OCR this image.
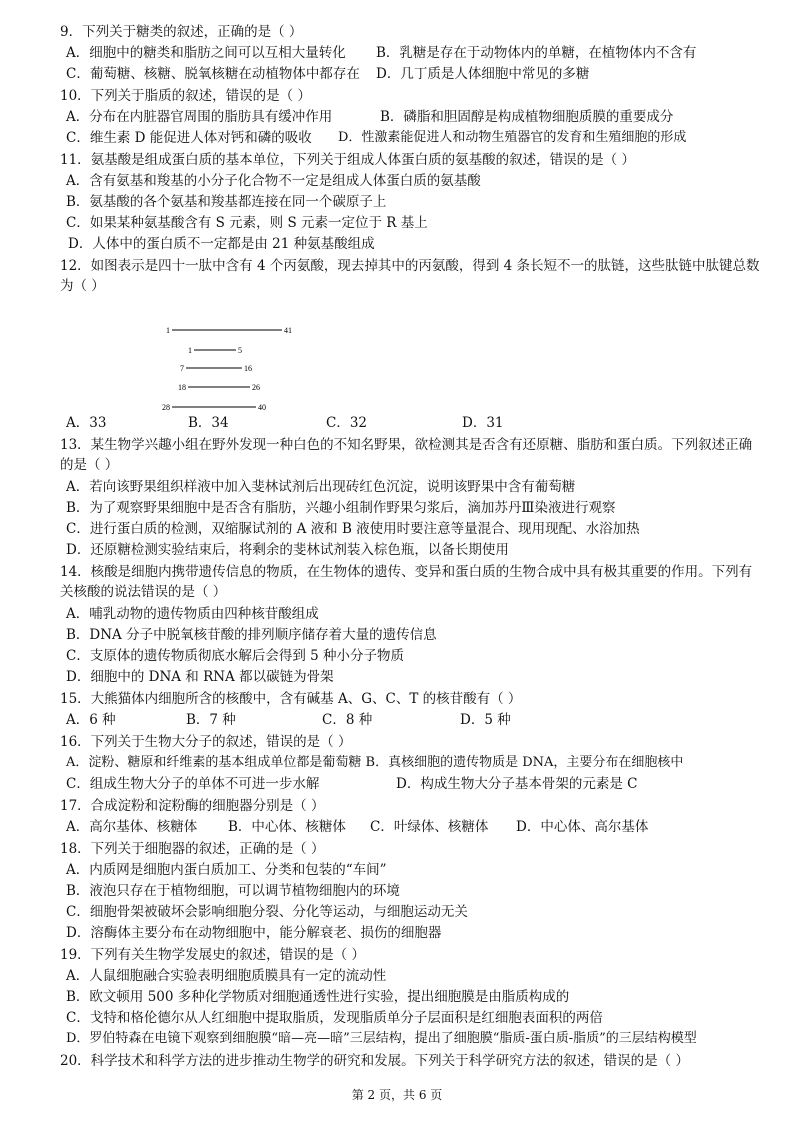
9．下列关于糖类的叙述，正确的是（ ）
A．细胞中的糖类和脂肪之间可以互相大量转化 B．乳糖是存在于动物体内的单糖，在植物体内不含有
C．葡萄糖、核糖、脱氧核糖在动植物体中都存在 D．几丁质是人体细胞中常见的多糖
10．下列关于脂质的叙述，错误的是（ ）
A．分布在内脏器官周围的脂肪具有缓冲作用	B．磷脂和胆固醇是构成植物细胞质膜的重要成分
C．维生素 D 能促进人体对钙和磷的吸收 D．性激素能促进人和动物生殖器官的发育和生殖细胞的形成
11．氨基酸是组成蛋白质的基本单位，下列关于组成人体蛋白质的氨基酸的叙述，错误的是（ ）
A．含有氨基和羧基的小分子化合物不一定是组成人体蛋白质的氨基酸
B．氨基酸的各个氨基和羧基都连接在同一个碳原子上
C．如果某种氨基酸含有 S 元素，则 S 元素一定位于 R 基上
D．人体中的蛋白质不一定都是由 21 种氨基酸组成
12．如图表示是四十一肽中含有 4 个丙氨酸，现去掉其中的丙氨酸，得到 4 条长短不一的肽链，这些肽链中肽键总数为（ ）
1	41
1	5
7	16
18	26
28	40
A．33	B．34	C．32	D．31
13．某生物学兴趣小组在野外发现一种白色的不知名野果，欲检测其是否含有还原糖、脂肪和蛋白质。下列叙述正确的是（ ）
A．若向该野果组织样液中加入斐林试剂后出现砖红色沉淀，说明该野果中含有葡萄糖
B．为了观察野果细胞中是否含有脂肪，兴趣小组制作野果匀浆后，滴加苏丹Ⅲ染液进行观察
C．进行蛋白质的检测，双缩脲试剂的 A 液和 B 液使用时要注意等量混合、现用现配、水浴加热
D．还原糖检测实验结束后，将剩余的斐林试剂装入棕色瓶，以备长期使用
14．核酸是细胞内携带遗传信息的物质，在生物体的遗传、变异和蛋白质的生物合成中具有极其重要的作用。下列有关核酸的说法错误的是（ ）
A．哺乳动物的遗传物质由四种核苷酸组成
B．DNA 分子中脱氧核苷酸的排列顺序储存着大量的遗传信息
C．支原体的遗传物质彻底水解后会得到 5 种小分子物质
D．细胞中的 DNA 和 RNA 都以碳链为骨架
15．大熊猫体内细胞所含的核酸中，含有碱基 A、G、C、T 的核苷酸有（ ）
A．6 种	B．7 种	C．8 种	D．5 种
16．下列关于生物大分子的叙述，错误的是（ ）
A．淀粉、糖原和纤维素的基本组成单位都是葡萄糖 B．真核细胞的遗传物质是 DNA，主要分布在细胞核中
C．组成生物大分子的单体不可进一步水解	D．构成生物大分子基本骨架的元素是 C
17．合成淀粉和淀粉酶的细胞器分别是（ ）
A．高尔基体、核糖体 B．中心体、核糖体 C．叶绿体、核糖体 D．中心体、高尔基体
18．下列关于细胞器的叙述，正确的是（ ）
A．内质网是细胞内蛋白质加工、分类和包装的“车间”
B．液泡只存在于植物细胞，可以调节植物细胞内的环境
C．细胞骨架被破坏会影响细胞分裂、分化等运动，与细胞运动无关
D．溶酶体主要分布在动物细胞中，能分解衰老、损伤的细胞器
19．下列有关生物学发展史的叙述，错误的是（ ）
A．人鼠细胞融合实验表明细胞质膜具有一定的流动性
B．欧文顿用 500 多种化学物质对细胞通透性进行实验，提出细胞膜是由脂质构成的
C．戈特和格伦德尔从人红细胞中提取脂质，发现脂质单分子层面积是红细胞表面积的两倍
D．罗伯特森在电镜下观察到细胞膜“暗—亮—暗”三层结构，提出了细胞膜“脂质-蛋白质-脂质”的三层结构模型
20．科学技术和科学方法的进步推动生物学的研究和发展。下列关于科学研究方法的叙述，错误的是（ ）
第 2 页，共 6 页
